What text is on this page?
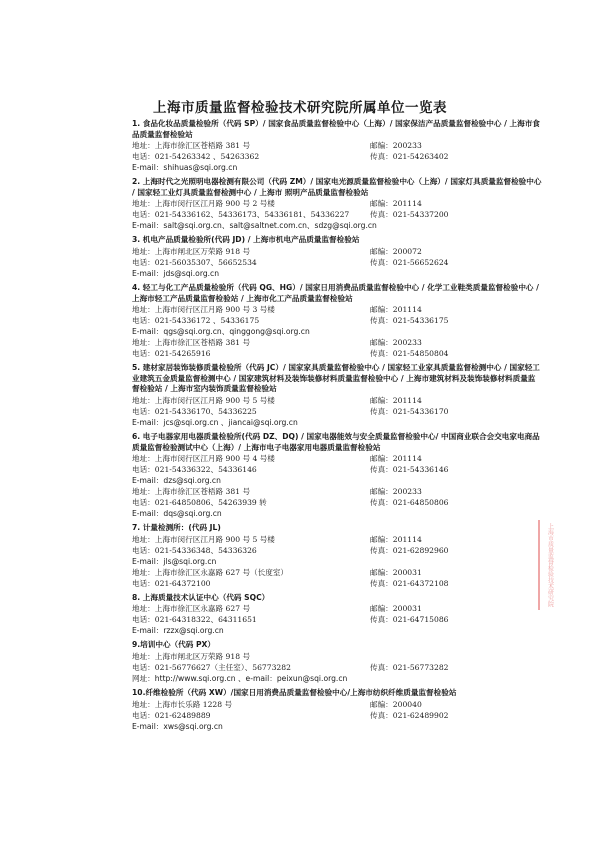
上海市质量监督检验技术研究院所属单位一览表
1. 食品化妆品质量检验所（代码 SP）/ 国家食品质量监督检验中心（上海）/ 国家保洁产品质量监督检验中心 / 上海市食品质量监督检验站
地址：上海市徐汇区苍梧路 381 号	邮编：200233
电话：021-54263342 、54263362	传真：021-54263402
E-mail：shihuas@sqi.org.cn
2. 上海时代之光照明电器检测有限公司（代码 ZM）/ 国家电光源质量监督检验中心（上海）/ 国家灯具质量监督检验中心 / 国家轻工业灯具质量监督检测中心 / 上海市 照明产品质量监督检验站
地址：上海市闵行区江月路 900 号 2 号楼	邮编：201114
电话：021-54336162、54336173、54336181、54336227	传真：021-54337200
E-mail：salt@sqi.org.cn、salt@saltnet.com.cn、sdzg@sqi.org.cn
3. 机电产品质量检验所(代码 JD) / 上海市机电产品质量监督检验站
地址：上海市闸北区万荣路 918 号	邮编：200072
电话：021-56035307、56652534	传真：021-56652624
E-mail：jds@sqi.org.cn
4. 轻工与化工产品质量检验所（代码 QG、HG）/ 国家日用消费品质量监督检验中心 / 化学工业鞋类质量监督检验中心 / 上海市轻工产品质量监督检验站 / 上海市化工产品质量监督检验站
地址：上海市闵行区江月路 900 号 3 号楼	邮编：201114
电话：021-54336172 、54336175	传真：021-54336175
E-mail：qgs@sqi.org.cn、qinggong@sqi.org.cn
地址：上海市徐汇区苍梧路 381 号	邮编：200233
电话：021-54265916	传真：021-54850804
5. 建材家居装饰装修质量检验所（代码 JC）/ 国家家具质量监督检验中心 / 国家轻工业家具质量监督检测中心 / 国家轻工业建筑五金质量监督检测中心 / 国家建筑材料及装饰装修材料质量监督检验中心 / 上海市建筑材料及装饰装修材料质量监督检验站 / 上海市室内装饰质量监督检验站
地址：上海市闵行区江月路 900 号 5 号楼	邮编：201114
电话：021-54336170、54336225	传真：021-54336170
E-mail：jcs@sqi.org.cn 、jiancai@sqi.org.cn
6. 电子电器家用电器质量检验所(代码 DZ、DQ) / 国家电器能效与安全质量监督检验中心/ 中国商业联合会交电家电商品质量监督检验测试中心（上海）/ 上海市电子电器家用电器质量监督检验站
地址：上海市闵行区江月路 900 号 4 号楼	邮编：201114
电话：021-54336322、54336146	传真：021-54336146
E-mail：dzs@sqi.org.cn
地址：上海市徐汇区苍梧路 381 号	邮编：200233
电话：021-64850806、54263939 转	传真：021-64850806
E-mail：dqs@sqi.org.cn
7. 计量检测所：(代码 JL)
地址：上海市闵行区江月路 900 号 5 号楼	邮编：201114
电话：021-54336348、54336326	传真：021-62892960
E-mail：jls@sqi.org.cn
地址：上海市徐汇区永嘉路 627 号（长度室）	邮编：200031
电话：021-64372100	传真：021-64372108
8. 上海质量技术认证中心（代码 SQC）
地址：上海市徐汇区永嘉路 627 号	邮编：200031
电话：021-64318322、64311651	传真：021-64715086
E-mail：rzzx@sqi.org.cn
9.培训中心（代码 PX）
地址：上海市闸北区万荣路 918 号
电话：021-56776627（主任室）、56773282	传真：021-56773282
网址：http://www.sqi.org.cn 、e-mail：peixun@sqi.org.cn
10.纤维检验所（代码 XW）/国家日用消费品质量监督检验中心/上海市纺织纤维质量监督检验站
地址：上海市长乐路 1228 号	邮编：200040
电话：021-62489889	传真：021-62489902
E-mail：xws@sqi.org.cn
上海市质量监督检验技术研究院
